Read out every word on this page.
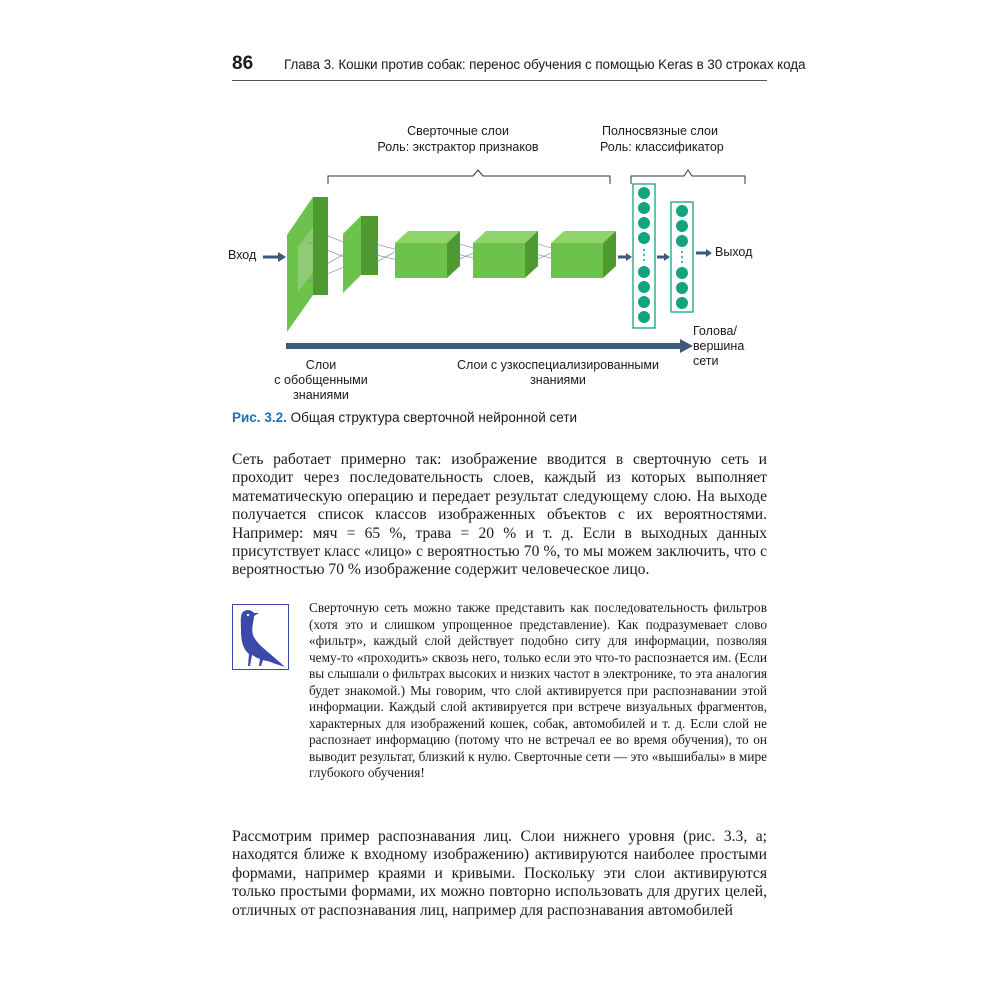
86 Глава 3. Кошки против собак: перенос обучения с помощью Keras в 30 строках кода
Сверточные слои
Роль: экстрактор признаков
Полносвязные слои
Роль: классификатор
Вход	Выход
Голова/
вершина
сети
Слои
с обобщенными
знаниями
Слои с узкоспециализированными
знаниями
Рис. 3.2. Общая структура сверточной нейронной сети

Сеть работает примерно так: изображение вводится в сверточную сеть и проходит через последовательность слоев, каждый из которых выполняет математическую операцию и передает результат следующему слою. На выходе получается список классов изображенных объектов с их вероятностями. Например: мяч = 65 %, трава = 20 % и т. д. Если в выходных данных присутствует класс «лицо» с вероятностью 70 %, то мы можем заключить, что с вероятностью 70 % изображение содержит человеческое лицо.

Сверточную сеть можно также представить как последовательность фильтров (хотя это и слишком упрощенное представление). Как подразумевает слово «фильтр», каждый слой действует подобно ситу для информации, позволяя чему-то «проходить» сквозь него, только если это что-то распознается им. (Если вы слышали о фильтрах высоких и низких частот в электронике, то эта аналогия будет знакомой.) Мы говорим, что слой активируется при распознавании этой информации. Каждый слой активируется при встрече визуальных фрагментов, характерных для изображений кошек, собак, автомобилей и т. д. Если слой не распознает информацию (потому что не встречал ее во время обучения), то он выводит результат, близкий к нулю. Сверточные сети — это «вышибалы» в мире глубокого обучения!

Рассмотрим пример распознавания лиц. Слои нижнего уровня (рис. 3.3, а; находятся ближе к входному изображению) активируются наиболее простыми формами, например краями и кривыми. Поскольку эти слои активируются только простыми формами, их можно повторно использовать для других целей, отличных от распознавания лиц, например для распознавания автомобилей
